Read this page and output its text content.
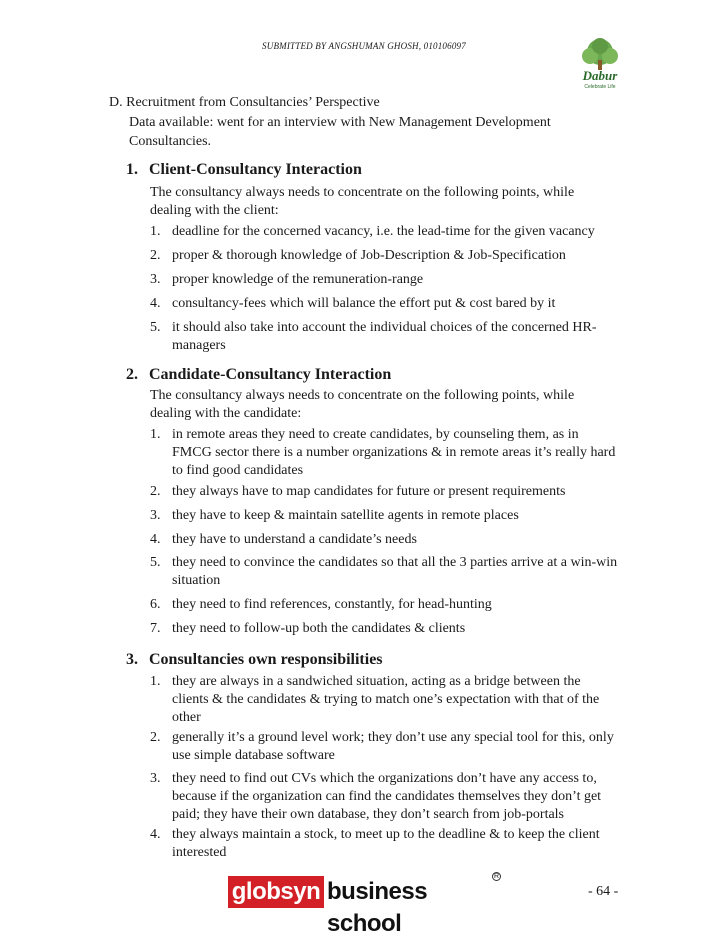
SUBMITTED BY ANGSHUMAN GHOSH, 010106097
Dabur
Celebrate Life
D. Recruitment from Consultancies’ Perspective
Data available: went for an interview with New Management Development Consultancies.
1. Client-Consultancy Interaction
The consultancy always needs to concentrate on the following points, while dealing with the client:
1. deadline for the concerned vacancy, i.e. the lead-time for the given vacancy
2. proper & thorough knowledge of Job-Description & Job-Specification
3. proper knowledge of the remuneration-range
4. consultancy-fees which will balance the effort put & cost bared by it
5. it should also take into account the individual choices of the concerned HR-managers
2. Candidate-Consultancy Interaction
The consultancy always needs to concentrate on the following points, while dealing with the candidate:
1. in remote areas they need to create candidates, by counseling them, as in FMCG sector there is a number organizations & in remote areas it’s really hard to find good candidates
2. they always have to map candidates for future or present requirements
3. they have to keep & maintain satellite agents in remote places
4. they have to understand a candidate’s needs
5. they need to convince the candidates so that all the 3 parties arrive at a win-win situation
6. they need to find references, constantly, for head-hunting
7. they need to follow-up both the candidates & clients
3. Consultancies own responsibilities
1. they are always in a sandwiched situation, acting as a bridge between the clients & the candidates & trying to match one’s expectation with that of the other
2. generally it’s a ground level work; they don’t use any special tool for this, only use simple database software
3. they need to find out CVs which the organizations don’t have any access to, because if the organization can find the candidates themselves they don’t get paid; they have their own database, they don’t search from job-portals
4. they always maintain a stock, to meet up to the deadline & to keep the client interested
globsyn business school
R
- 64 -
